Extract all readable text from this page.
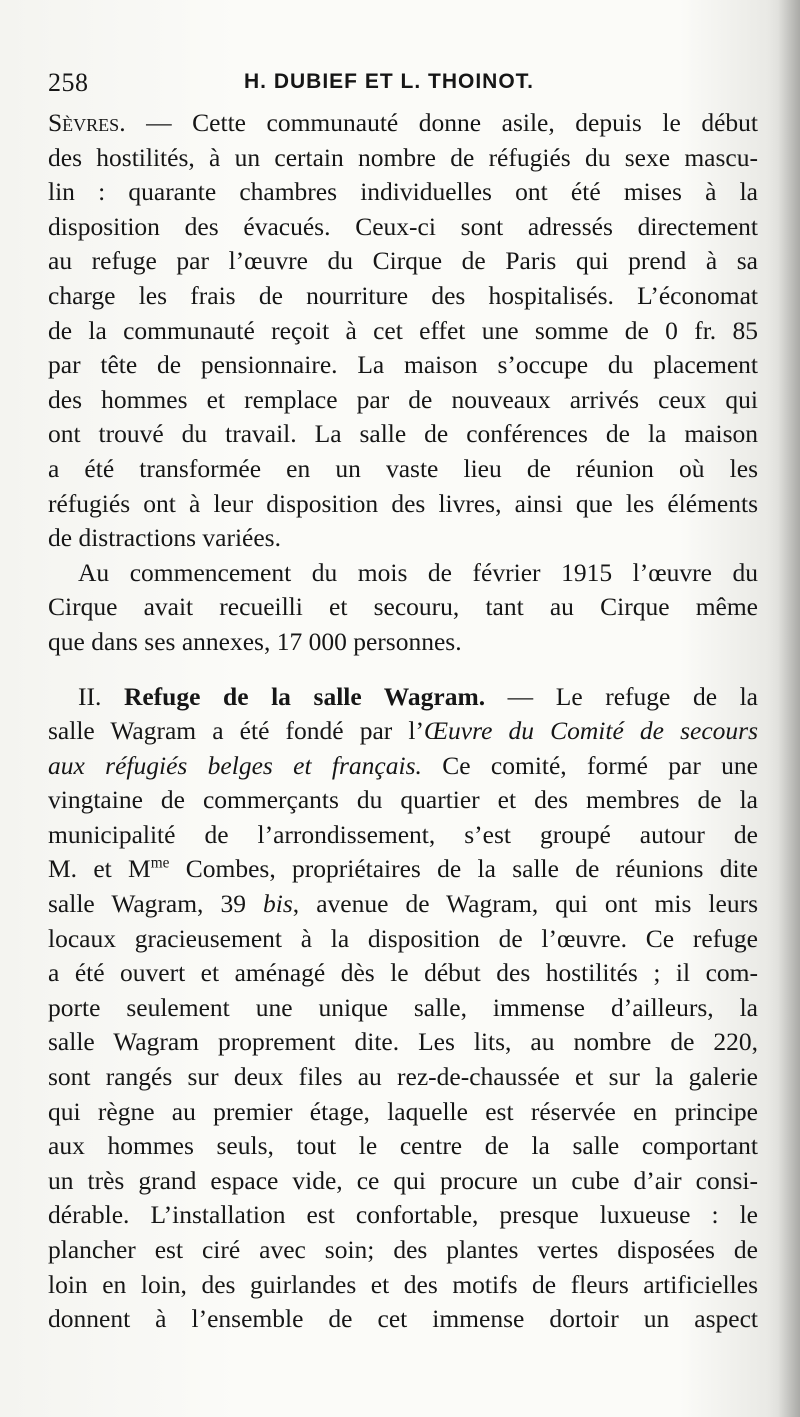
258	H. DUBIEF ET L. THOINOT.
Sèvres. — Cette communauté donne asile, depuis le début
des hostilités, à un certain nombre de réfugiés du sexe mascu-
lin : quarante chambres individuelles ont été mises à la
disposition des évacués. Ceux-ci sont adressés directement
au refuge par l’œuvre du Cirque de Paris qui prend à sa
charge les frais de nourriture des hospitalisés. L’économat
de la communauté reçoit à cet effet une somme de 0 fr. 85
par tête de pensionnaire. La maison s’occupe du placement
des hommes et remplace par de nouveaux arrivés ceux qui
ont trouvé du travail. La salle de conférences de la maison
a été transformée en un vaste lieu de réunion où les
réfugiés ont à leur disposition des livres, ainsi que les éléments
de distractions variées.
Au commencement du mois de février 1915 l’œuvre du
Cirque avait recueilli et secouru, tant au Cirque même
que dans ses annexes, 17 000 personnes.
II. Refuge de la salle Wagram. — Le refuge de la
salle Wagram a été fondé par l’Œuvre du Comité de secours
aux réfugiés belges et français. Ce comité, formé par une
vingtaine de commerçants du quartier et des membres de la
municipalité de l’arrondissement, s’est groupé autour de
M. et $M^{me}$ Combes, propriétaires de la salle de réunions dite
salle Wagram, 39 bis, avenue de Wagram, qui ont mis leurs
locaux gracieusement à la disposition de l’œuvre. Ce refuge
a été ouvert et aménagé dès le début des hostilités ; il com-
porte seulement une unique salle, immense d’ailleurs, la
salle Wagram proprement dite. Les lits, au nombre de 220,
sont rangés sur deux files au rez-de-chaussée et sur la galerie
qui règne au premier étage, laquelle est réservée en principe
aux hommes seuls, tout le centre de la salle comportant
un très grand espace vide, ce qui procure un cube d’air consi-
dérable. L’installation est confortable, presque luxueuse : le
plancher est ciré avec soin; des plantes vertes disposées de
loin en loin, des guirlandes et des motifs de fleurs artificielles
donnent à l’ensemble de cet immense dortoir un aspect
